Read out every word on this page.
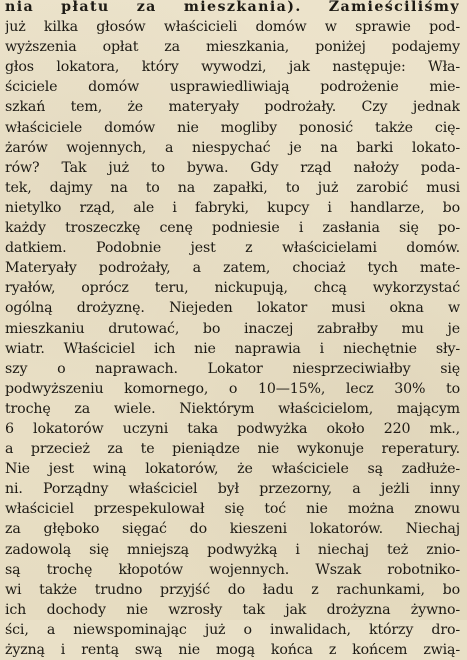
nia płatu za mieszkania). Zamieściliśmy
już kilka głosów właścicieli domów w sprawie pod-
wyższenia opłat za mieszkania, poniżej podajemy
głos lokatora, który wywodzi, jak następuje: Wła-
ściciele domów usprawiedliwiają podrożenie mie-
szkań tem, że materyały podrożały. Czy jednak
właściciele domów nie mogliby ponosić także cię-
żarów wojennych, a niespychać je na barki lokato-
rów? Tak już to bywa. Gdy rząd nałoży poda-
tek, dajmy na to na zapałki, to już zarobić musi
nietylko rząd, ale i fabryki, kupcy i handlarze, bo
każdy troszeczkę cenę podniesie i zasłania się po-
datkiem. Podobnie jest z właścicielami domów.
Materyały podrożały, a zatem, chociaż tych mate-
ryałów, oprócz teru, nickupują, chcą wykorzystać
ogólną drożyznę. Niejeden lokator musi okna w
mieszkaniu drutować, bo inaczej zabrałby mu je
wiatr. Właściciel ich nie naprawia i niechętnie sły-
szy o naprawach. Lokator niesprzeciwiałby się
podwyższeniu komornego, o 10—15%, lecz 30% to
trochę za wiele. Niektórym właścicielom, mającym
6 lokatorów uczyni taka podwyżka około 220 mk.,
a przecież za te pieniądze nie wykonuje reperatury.
Nie jest winą lokatorów, że właściciele są zadłuże-
ni. Porządny właściciel był przezorny, a jeżli inny
właściciel przespekulował się toć nie można znowu
za głęboko sięgać do kieszeni lokatorów. Niechaj
zadowolą się mniejszą podwyżką i niechaj też znio-
są trochę kłopotów wojennych. Wszak robotniko-
wi także trudno przyjść do ładu z rachunkami, bo
ich dochody nie wzrosły tak jak drożyzna żywno-
ści, a niewspominając już o inwalidach, którzy dro-
żyzną i rentą swą nie mogą końca z końcem zwią-
